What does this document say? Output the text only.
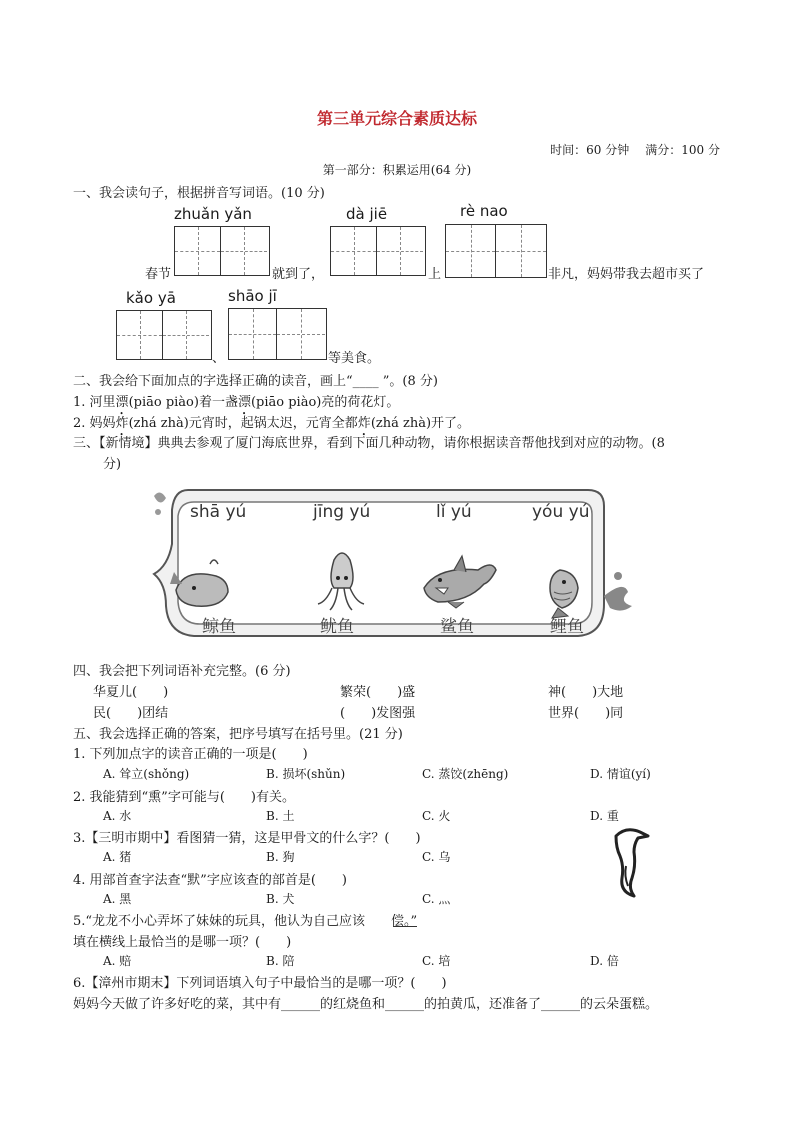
第三单元综合素质达标
时间：60 分钟 满分：100 分
第一部分：积累运用(64 分)
一、我会读句子，根据拼音写词语。(10 分)
zhuǎn yǎn	dà jiē	rè nao
春节	就到了，	上	非凡，妈妈带我去超市买了
kǎo yā	shāo jī
、	等美食。
二、我会给下面加点的字选择正确的读音，画上“____ ”。(8 分)
1. 河里漂(piāo piào)着一盏漂(piāo piào)亮的荷花灯。
2. 妈妈炸(zhá zhà)元宵时，起锅太迟，元宵全都炸(zhá zhà)开了。
三、【新情境】典典去参观了厦门海底世界，看到下面几种动物，请你根据读音帮他找到对应的动物。(8
分)
shā yú	jīng yú	lǐ yú	yóu yú
鲸鱼	鱿鱼	鲨鱼	鲤鱼
四、我会把下列词语补充完整。(6 分)
华夏儿(　　)	繁荣(　　)盛	神(　　)大地
民(　　)团结	(　　)发图强	世界(　　)同
五、我会选择正确的答案，把序号填写在括号里。(21 分)
1. 下列加点字的读音正确的一项是(　　)
A. 耸立(shǒng)	B. 损坏(shǔn)	C. 蒸饺(zhēng)	D. 情谊(yí)
2. 我能猜到“熏”字可能与(　　)有关。
A. 水	B. 土	C. 火	D. 重
3.【三明市期中】看图猜一猜，这是甲骨文的什么字？(　　)
A. 猪	B. 狗	C. 乌
4. 用部首查字法查“默”字应该查的部首是(　　)
A. 黑	B. 犬	C. 灬
5.“龙龙不小心弄坏了妹妹的玩具，他认为自己应该　　偿。”
填在横线上最恰当的是哪一项？(　　)
A. 赔	B. 陪	C. 培	D. 倍
6.【漳州市期末】下列词语填入句子中最恰当的是哪一项？(　　)
妈妈今天做了许多好吃的菜，其中有______的红烧鱼和______的拍黄瓜，还准备了______的云朵蛋糕。
